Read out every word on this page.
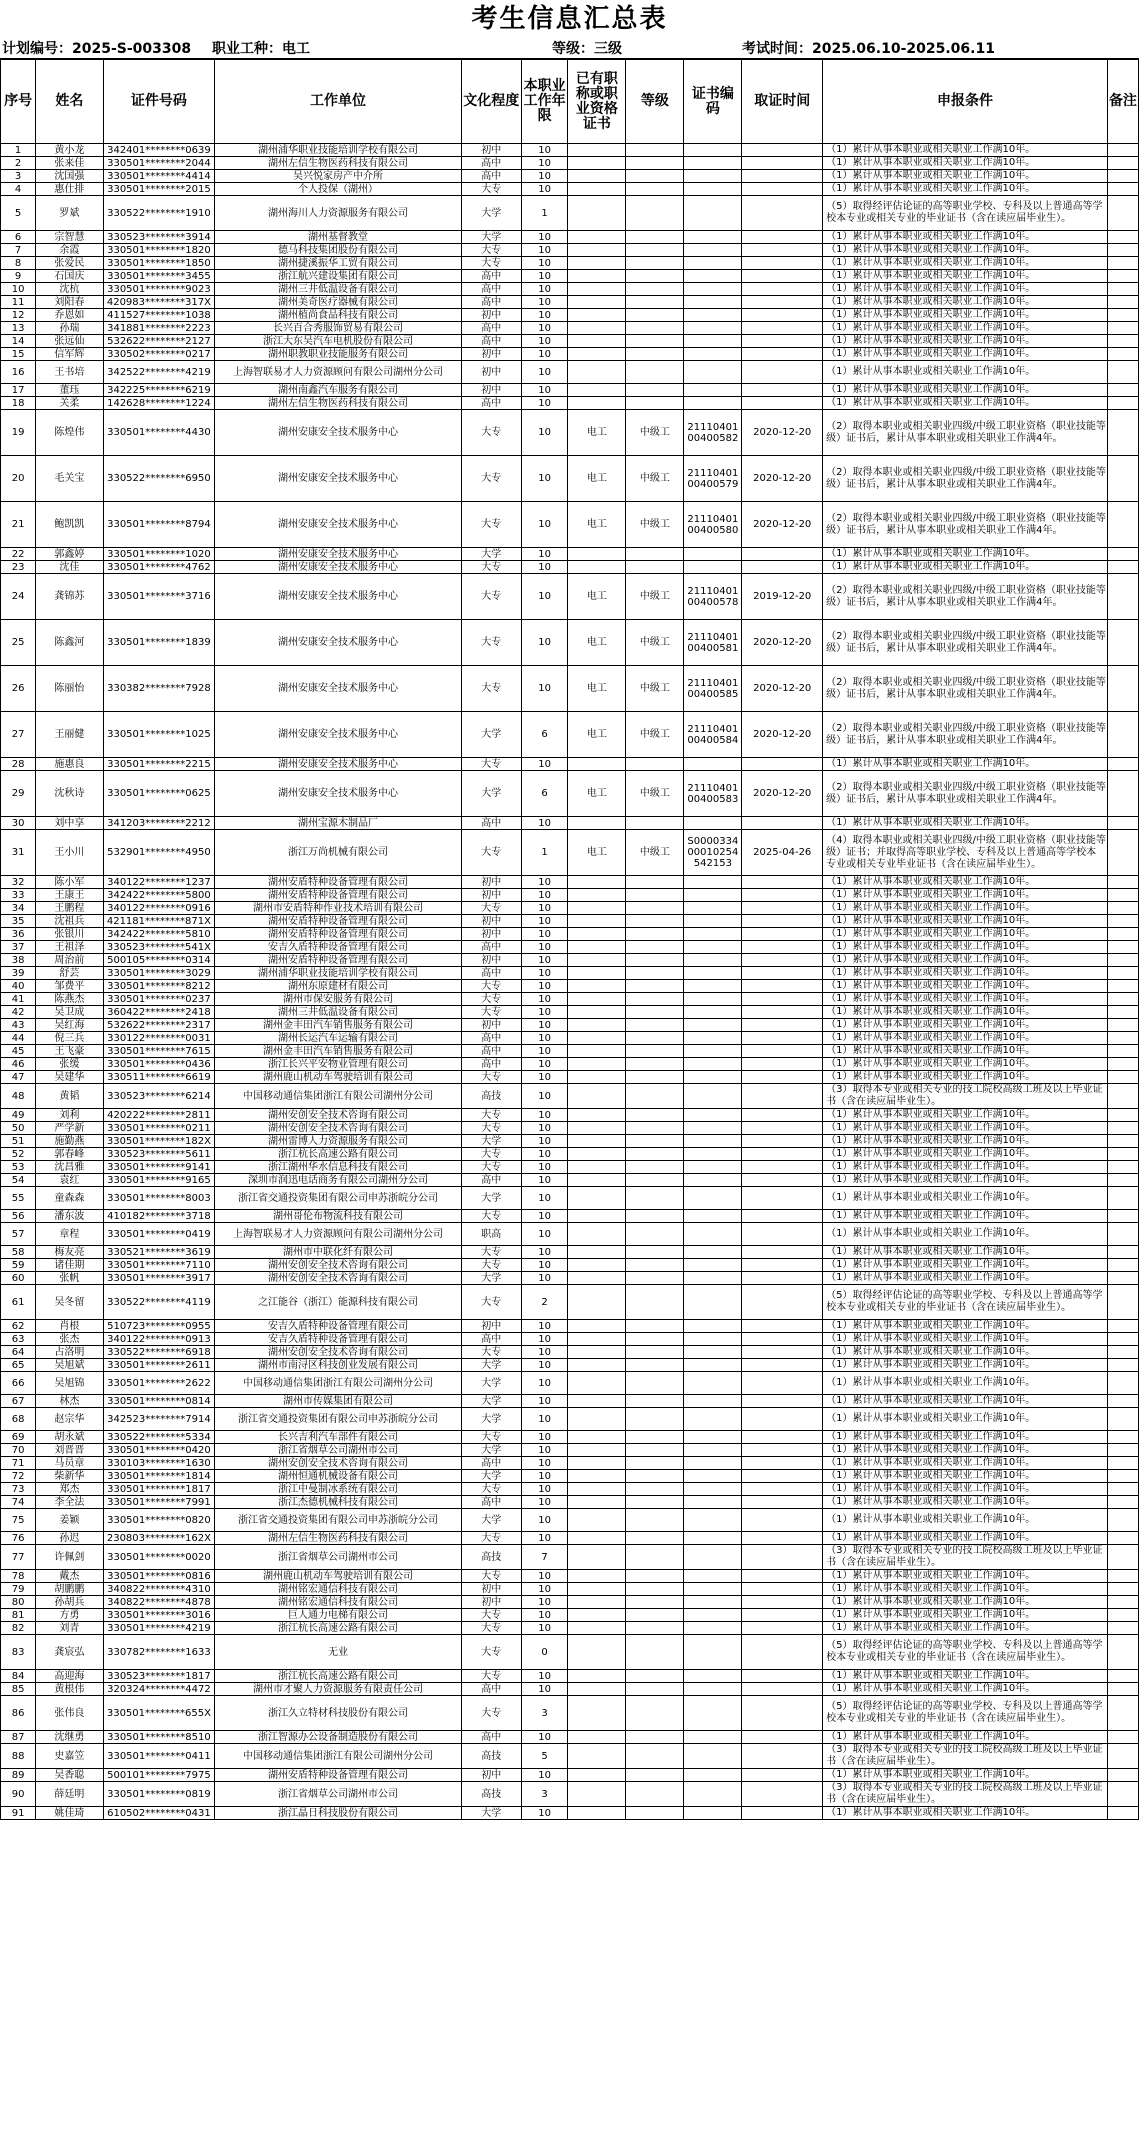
考生信息汇总表
计划编号：2025-S-003308	职业工种：电工	等级：三级	考试时间：2025.06.10-2025.06.11
序号	姓名	证件号码	工作单位	文化程度	本职业工作年限	已有职称或职业资格证书	等级	证书编码	取证时间	申报条件	备注
1	黄小龙	342401********0639	湖州浦华职业技能培训学校有限公司	初中	10					（1）累计从事本职业或相关职业工作满10年。	
2	张来佳	330501********2044	湖州左信生物医药科技有限公司	高中	10					（1）累计从事本职业或相关职业工作满10年。	
3	沈国强	330501********4414	吴兴悦家房产中介所	高中	10					（1）累计从事本职业或相关职业工作满10年。	
4	惠仕排	330501********2015	个人投保（湖州）	大专	10					（1）累计从事本职业或相关职业工作满10年。	
5	罗斌	330522********1910	湖州海川人力资源服务有限公司	大学	1					（5）取得经评估论证的高等职业学校、专科及以上普通高等学校本专业或相关专业的毕业证书（含在读应届毕业生）。	
6	宗智慧	330523********3914	湖州基督教堂	大学	10					（1）累计从事本职业或相关职业工作满10年。	
7	余霞	330501********1820	德马科技集团股份有限公司	大专	10					（1）累计从事本职业或相关职业工作满10年。	
8	张爱民	330501********1850	湖州捷溪振华工贸有限公司	大专	10					（1）累计从事本职业或相关职业工作满10年。	
9	石国庆	330501********3455	浙江航兴建设集团有限公司	高中	10					（1）累计从事本职业或相关职业工作满10年。	
10	沈杭	330501********9023	湖州三井低温设备有限公司	高中	10					（1）累计从事本职业或相关职业工作满10年。	
11	刘阳春	420983********317X	湖州美奇医疗器械有限公司	高中	10					（1）累计从事本职业或相关职业工作满10年。	
12	乔恩如	411527********1038	湖州植尚食品科技有限公司	初中	10					（1）累计从事本职业或相关职业工作满10年。	
13	孙瑞	341881********2223	长兴百合秀服饰贸易有限公司	高中	10					（1）累计从事本职业或相关职业工作满10年。	
14	张远仙	532622********2127	浙江大东吴汽车电机股份有限公司	高中	10					（1）累计从事本职业或相关职业工作满10年。	
15	信军辉	330502********0217	湖州职教职业技能服务有限公司	初中	10					（1）累计从事本职业或相关职业工作满10年。	
16	王书培	342522********4219	上海智联易才人力资源顾问有限公司湖州分公司	初中	10					（1）累计从事本职业或相关职业工作满10年。	
17	董珏	342225********6219	湖州南鑫汽车服务有限公司	初中	10					（1）累计从事本职业或相关职业工作满10年。	
18	关柔	142628********1224	湖州左信生物医药科技有限公司	高中	10					（1）累计从事本职业或相关职业工作满10年。	
19	陈煌伟	330501********4430	湖州安康安全技术服务中心	大专	10	电工	中级工	21110401 00400582	2020-12-20	（2）取得本职业或相关职业四级/中级工职业资格（职业技能等级）证书后，累计从事本职业或相关职业工作满4年。	
20	毛关宝	330522********6950	湖州安康安全技术服务中心	大专	10	电工	中级工	21110401 00400579	2020-12-20	（2）取得本职业或相关职业四级/中级工职业资格（职业技能等级）证书后，累计从事本职业或相关职业工作满4年。	
21	鲍凯凯	330501********8794	湖州安康安全技术服务中心	大专	10	电工	中级工	21110401 00400580	2020-12-20	（2）取得本职业或相关职业四级/中级工职业资格（职业技能等级）证书后，累计从事本职业或相关职业工作满4年。	
22	郭鑫婷	330501********1020	湖州安康安全技术服务中心	大学	10					（1）累计从事本职业或相关职业工作满10年。	
23	沈佳	330501********4762	湖州安康安全技术服务中心	大专	10					（1）累计从事本职业或相关职业工作满10年。	
24	龚锦苏	330501********3716	湖州安康安全技术服务中心	大专	10	电工	中级工	21110401 00400578	2019-12-20	（2）取得本职业或相关职业四级/中级工职业资格（职业技能等级）证书后，累计从事本职业或相关职业工作满4年。	
25	陈鑫河	330501********1839	湖州安康安全技术服务中心	大专	10	电工	中级工	21110401 00400581	2020-12-20	（2）取得本职业或相关职业四级/中级工职业资格（职业技能等级）证书后，累计从事本职业或相关职业工作满4年。	
26	陈丽怡	330382********7928	湖州安康安全技术服务中心	大专	10	电工	中级工	21110401 00400585	2020-12-20	（2）取得本职业或相关职业四级/中级工职业资格（职业技能等级）证书后，累计从事本职业或相关职业工作满4年。	
27	王丽健	330501********1025	湖州安康安全技术服务中心	大学	6	电工	中级工	21110401 00400584	2020-12-20	（2）取得本职业或相关职业四级/中级工职业资格（职业技能等级）证书后，累计从事本职业或相关职业工作满4年。	
28	施惠良	330501********2215	湖州安康安全技术服务中心	大专	10					（1）累计从事本职业或相关职业工作满10年。	
29	沈秋诗	330501********0625	湖州安康安全技术服务中心	大学	6	电工	中级工	21110401 00400583	2020-12-20	（2）取得本职业或相关职业四级/中级工职业资格（职业技能等级）证书后，累计从事本职业或相关职业工作满4年。	
30	刘中享	341203********2212	湖州宝源木制品厂	高中	10					（1）累计从事本职业或相关职业工作满10年。	
31	王小川	532901********4950	浙江万尚机械有限公司	大专	1	电工	中级工	S0000334 00010254 542153	2025-04-26	（4）取得本职业或相关职业四级/中级工职业资格（职业技能等级）证书；并取得高等职业学校、专科及以上普通高等学校本专业或相关专业毕业证书（含在读应届毕业生）。	
32	陈小军	340122********1237	湖州安盾特种设备管理有限公司	初中	10					（1）累计从事本职业或相关职业工作满10年。	
33	王康王	342422********5800	湖州安盾特种设备管理有限公司	初中	10					（1）累计从事本职业或相关职业工作满10年。	
34	王鹏程	340122********0916	湖州市安盾特种作业技术培训有限公司	大专	10					（1）累计从事本职业或相关职业工作满10年。	
35	沈祖兵	421181********871X	湖州安盾特种设备管理有限公司	初中	10					（1）累计从事本职业或相关职业工作满10年。	
36	张银川	342422********5810	湖州安盾特种设备管理有限公司	初中	10					（1）累计从事本职业或相关职业工作满10年。	
37	王祖泽	330523********541X	安吉久盾特种设备管理有限公司	高中	10					（1）累计从事本职业或相关职业工作满10年。	
38	周治前	500105********0314	湖州安盾特种设备管理有限公司	初中	10					（1）累计从事本职业或相关职业工作满10年。	
39	舒芸	330501********3029	湖州浦华职业技能培训学校有限公司	高中	10					（1）累计从事本职业或相关职业工作满10年。	
40	邹费平	330501********8212	湖州东原建材有限公司	大专	10					（1）累计从事本职业或相关职业工作满10年。	
41	陈燕杰	330501********0237	湖州市保安服务有限公司	大专	10					（1）累计从事本职业或相关职业工作满10年。	
42	吴卫成	360422********2418	湖州三井低温设备有限公司	大专	10					（1）累计从事本职业或相关职业工作满10年。	
43	吴红海	532622********2317	湖州金丰田汽车销售服务有限公司	初中	10					（1）累计从事本职业或相关职业工作满10年。	
44	倪三兵	330122********0031	湖州长运汽车运输有限公司	高中	10					（1）累计从事本职业或相关职业工作满10年。	
45	王飞豪	330501********7615	湖州金丰田汽车销售服务有限公司	高中	10					（1）累计从事本职业或相关职业工作满10年。	
46	张缓	330501********0436	浙江长兴平安物业管理有限公司	高中	10					（1）累计从事本职业或相关职业工作满10年。	
47	吴建华	330511********6619	湖州鹿山机动车驾驶培训有限公司	大专	10					（1）累计从事本职业或相关职业工作满10年。	
48	黄韬	330523********6214	中国移动通信集团浙江有限公司湖州分公司	高技	10					（3）取得本专业或相关专业的技工院校高级工班及以上毕业证书（含在读应届毕业生）。	
49	刘利	420222********2811	湖州安创安全技术咨询有限公司	大专	10					（1）累计从事本职业或相关职业工作满10年。	
50	严学新	330501********0211	湖州安创安全技术咨询有限公司	大专	10					（1）累计从事本职业或相关职业工作满10年。	
51	施勤燕	330501********182X	湖州雷博人力资源服务有限公司	大学	10					（1）累计从事本职业或相关职业工作满10年。	
52	郭春峰	330523********5611	浙江杭长高速公路有限公司	大专	10					（1）累计从事本职业或相关职业工作满10年。	
53	沈昌雅	330501********9141	浙江湖州华水信息科技有限公司	大专	10					（1）累计从事本职业或相关职业工作满10年。	
54	袁红	330501********9165	深圳市润迅电话商务有限公司湖州分公司	高中	10					（1）累计从事本职业或相关职业工作满10年。	
55	童森森	330501********8003	浙江省交通投资集团有限公司申苏浙皖分公司	大学	10					（1）累计从事本职业或相关职业工作满10年。	
56	潘东波	410182********3718	湖州哥伦布物流科技有限公司	大专	10					（1）累计从事本职业或相关职业工作满10年。	
57	章程	330501********0419	上海智联易才人力资源顾问有限公司湖州分公司	职高	10					（1）累计从事本职业或相关职业工作满10年。	
58	梅友亮	330521********3619	湖州市中联化纤有限公司	大专	10					（1）累计从事本职业或相关职业工作满10年。	
59	诸佳期	330501********7110	湖州安创安全技术咨询有限公司	大专	10					（1）累计从事本职业或相关职业工作满10年。	
60	张帆	330501********3917	湖州安创安全技术咨询有限公司	大学	10					（1）累计从事本职业或相关职业工作满10年。	
61	吴冬留	330522********4119	之江能谷（浙江）能源科技有限公司	大专	2					（5）取得经评估论证的高等职业学校、专科及以上普通高等学校本专业或相关专业的毕业证书（含在读应届毕业生）。	
62	肖根	510723********0955	安吉久盾特种设备管理有限公司	初中	10					（1）累计从事本职业或相关职业工作满10年。	
63	张杰	340122********0913	安吉久盾特种设备管理有限公司	高中	10					（1）累计从事本职业或相关职业工作满10年。	
64	占洛明	330522********6918	湖州安创安全技术咨询有限公司	大专	10					（1）累计从事本职业或相关职业工作满10年。	
65	吴旭斌	330501********2611	湖州市南浔区科技创业发展有限公司	大学	10					（1）累计从事本职业或相关职业工作满10年。	
66	吴旭锦	330501********2622	中国移动通信集团浙江有限公司湖州分公司	大学	10					（1）累计从事本职业或相关职业工作满10年。	
67	林杰	330501********0814	湖州市传媒集团有限公司	大学	10					（1）累计从事本职业或相关职业工作满10年。	
68	赵宗华	342523********7914	浙江省交通投资集团有限公司申苏浙皖分公司	大学	10					（1）累计从事本职业或相关职业工作满10年。	
69	胡永斌	330522********5334	长兴吉利汽车部件有限公司	大专	10					（1）累计从事本职业或相关职业工作满10年。	
70	刘晋晋	330501********0420	浙江省烟草公司湖州市公司	大学	10					（1）累计从事本职业或相关职业工作满10年。	
71	马员章	330103********1630	湖州安创安全技术咨询有限公司	高中	10					（1）累计从事本职业或相关职业工作满10年。	
72	柴新华	330501********1814	湖州恒通机械设备有限公司	大学	10					（1）累计从事本职业或相关职业工作满10年。	
73	郑杰	330501********1817	浙江中曼制冰系统有限公司	大专	10					（1）累计从事本职业或相关职业工作满10年。	
74	李全法	330501********7991	浙江杰德机械科技有限公司	高中	10					（1）累计从事本职业或相关职业工作满10年。	
75	姜颖	330501********0820	浙江省交通投资集团有限公司申苏浙皖分公司	大学	10					（1）累计从事本职业或相关职业工作满10年。	
76	孙迟	230803********162X	湖州左信生物医药科技有限公司	大专	10					（1）累计从事本职业或相关职业工作满10年。	
77	许佩剑	330501********0020	浙江省烟草公司湖州市公司	高技	7					（3）取得本专业或相关专业的技工院校高级工班及以上毕业证书（含在读应届毕业生）。	
78	戴杰	330501********0816	湖州鹿山机动车驾驶培训有限公司	大专	10					（1）累计从事本职业或相关职业工作满10年。	
79	胡鹏鹏	340822********4310	湖州铭宏通信科技有限公司	初中	10					（1）累计从事本职业或相关职业工作满10年。	
80	孙胡兵	340822********4878	湖州铭宏通信科技有限公司	初中	10					（1）累计从事本职业或相关职业工作满10年。	
81	方勇	330501********3016	巨人通力电梯有限公司	大专	10					（1）累计从事本职业或相关职业工作满10年。	
82	刘青	330501********4219	浙江杭长高速公路有限公司	大专	10					（1）累计从事本职业或相关职业工作满10年。	
83	龚宸弘	330782********1633	无业	大专	0					（5）取得经评估论证的高等职业学校、专科及以上普通高等学校本专业或相关专业的毕业证书（含在读应届毕业生）。	
84	高迎海	330523********1817	浙江杭长高速公路有限公司	大专	10					（1）累计从事本职业或相关职业工作满10年。	
85	黄根伟	320324********4472	湖州市才聚人力资源服务有限责任公司	高中	10					（1）累计从事本职业或相关职业工作满10年。	
86	张伟良	330501********655X	浙江久立特材科技股份有限公司	大专	3					（5）取得经评估论证的高等职业学校、专科及以上普通高等学校本专业或相关专业的毕业证书（含在读应届毕业生）。	
87	沈继勇	330501********8510	浙江智源办公设备制造股份有限公司	高中	10					（1）累计从事本职业或相关职业工作满10年。	
88	史嘉笠	330501********0411	中国移动通信集团浙江有限公司湖州分公司	高技	5					（3）取得本专业或相关专业的技工院校高级工班及以上毕业证书（含在读应届毕业生）。	
89	吴香聪	500101********7975	湖州安盾特种设备管理有限公司	初中	10					（1）累计从事本职业或相关职业工作满10年。	
90	薛廷明	330501********0819	浙江省烟草公司湖州市公司	高技	3					（3）取得本专业或相关专业的技工院校高级工班及以上毕业证书（含在读应届毕业生）。	
91	姚佳琦	610502********0431	浙江晶日科技股份有限公司	大学	10					（1）累计从事本职业或相关职业工作满10年。	
